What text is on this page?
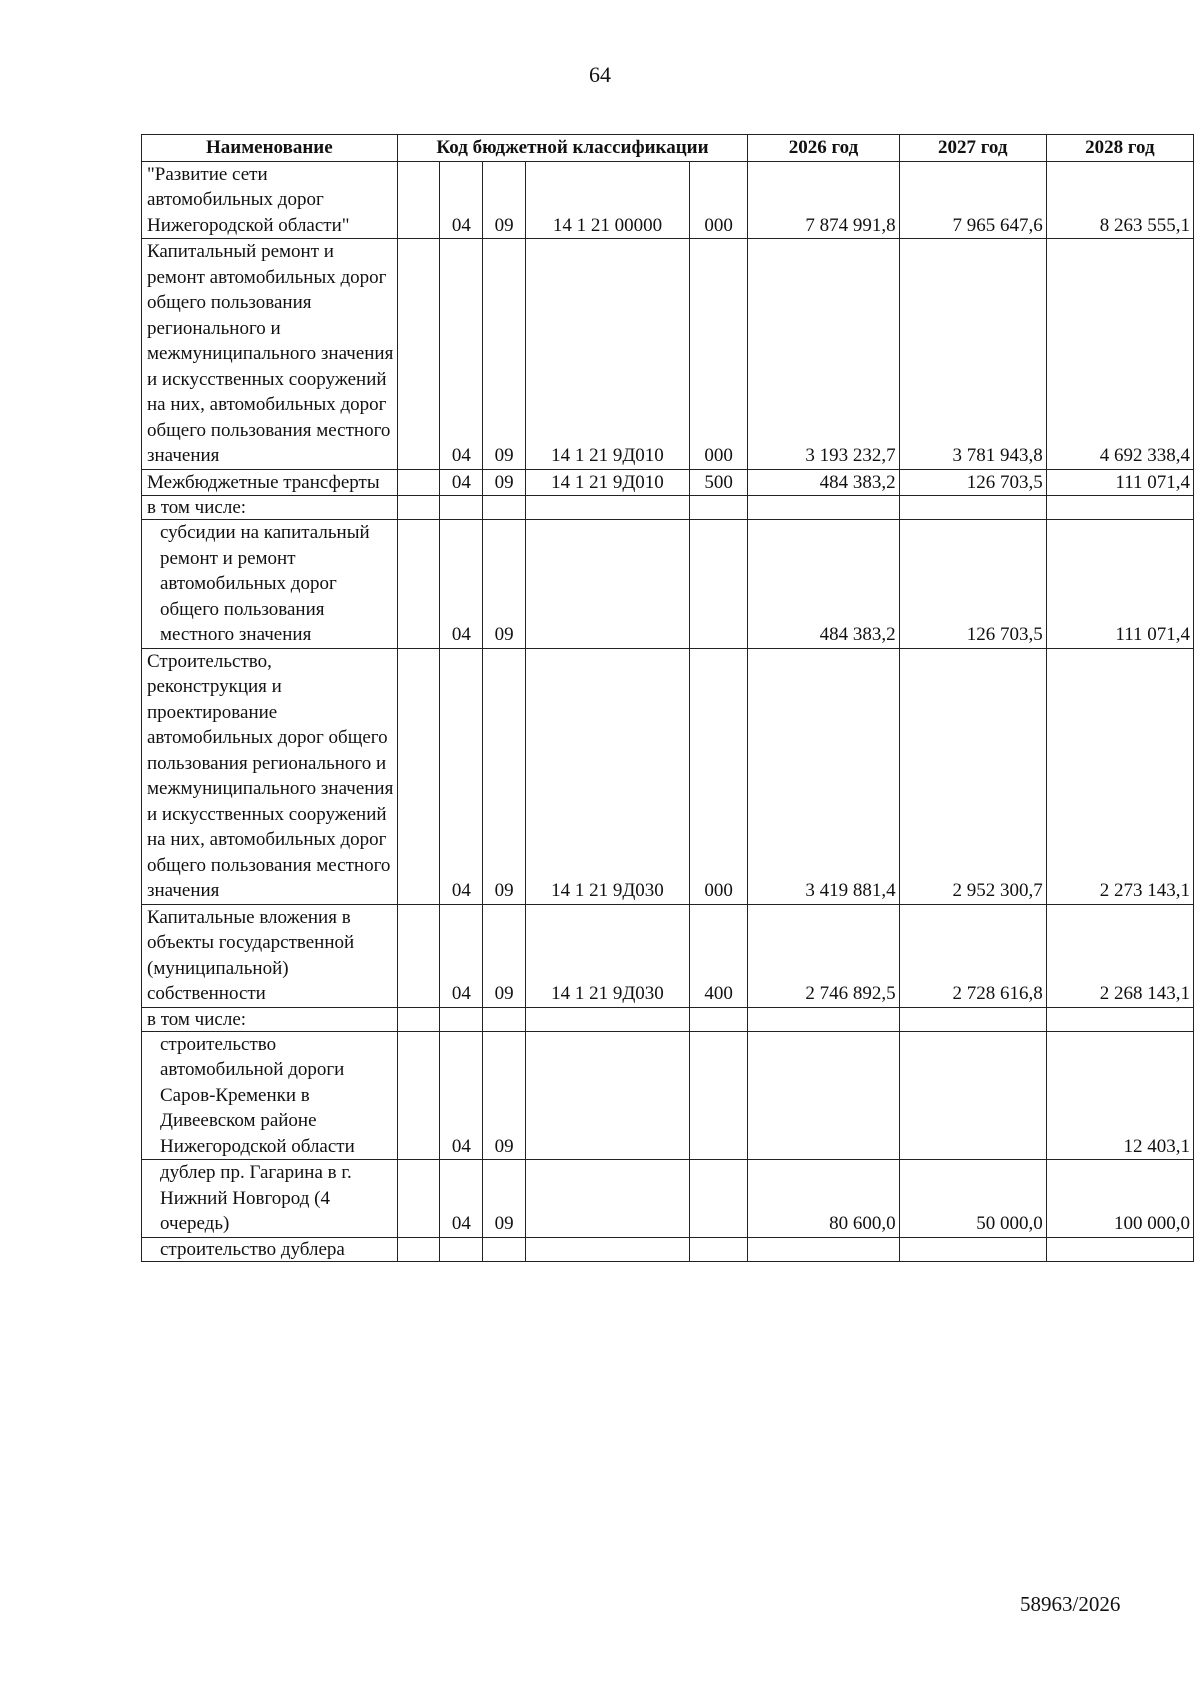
64
Наименование	Код бюджетной классификации					2026 год	2027 год	2028 год
"Развитие сети автомобильных дорог Нижегородской области"		04	09	14 1 21 00000	000	7 874 991,8	7 965 647,6	8 263 555,1
Капитальный ремонт и ремонт автомобильных дорог общего пользования регионального и межмуниципального значения и искусственных сооружений на них, автомобильных дорог общего пользования местного значения		04	09	14 1 21 9Д010	000	3 193 232,7	3 781 943,8	4 692 338,4
Межбюджетные трансферты		04	09	14 1 21 9Д010	500	484 383,2	126 703,5	111 071,4
в том числе:								
субсидии на капитальный ремонт и ремонт автомобильных дорог общего пользования местного значения		04	09			484 383,2	126 703,5	111 071,4
Строительство, реконструкция и проектирование автомобильных дорог общего пользования регионального и межмуниципального значения и искусственных сооружений на них, автомобильных дорог общего пользования местного значения		04	09	14 1 21 9Д030	000	3 419 881,4	2 952 300,7	2 273 143,1
Капитальные вложения в объекты государственной (муниципальной) собственности		04	09	14 1 21 9Д030	400	2 746 892,5	2 728 616,8	2 268 143,1
в том числе:								
строительство автомобильной дороги Саров-Кременки в Дивеевском районе Нижегородской области		04	09					12 403,1
дублер пр. Гагарина в г. Нижний Новгород (4 очередь)		04	09			80 600,0	50 000,0	100 000,0
строительство дублера								
58963/2026
